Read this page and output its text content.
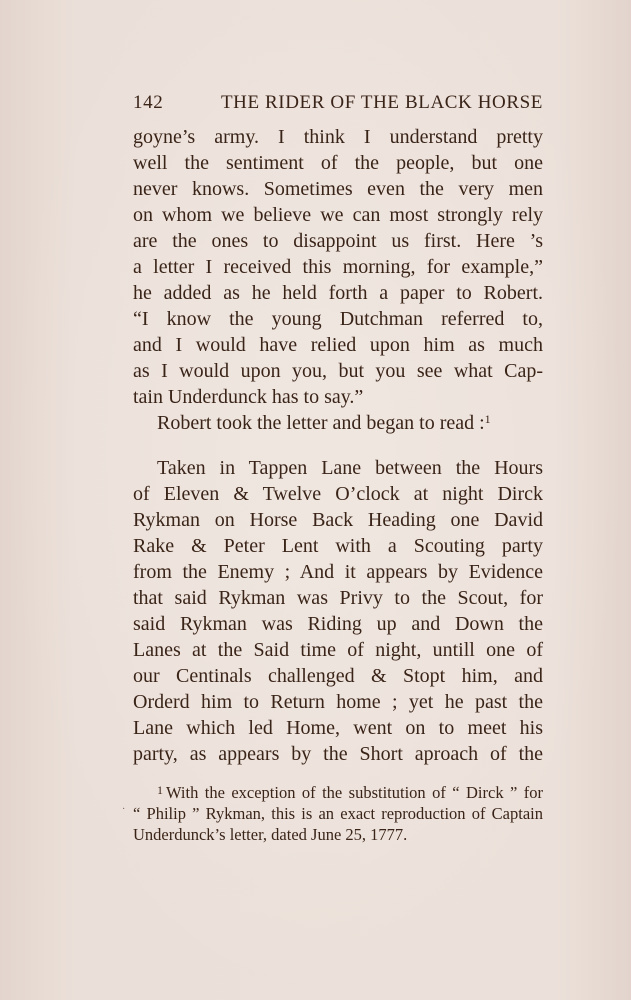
142	THE RIDER OF THE BLACK HORSE
goyne’s army. I think I understand pretty
well the sentiment of the people, but one
never knows. Sometimes even the very men
on whom we believe we can most strongly rely
are the ones to disappoint us first. Here ’s
a letter I received this morning, for example,”
he added as he held forth a paper to Robert.
“I know the young Dutchman referred to,
and I would have relied upon him as much
as I would upon you, but you see what Cap-
tain Underdunck has to say.”
Robert took the letter and began to read :$^1$
Taken in Tappen Lane between the Hours
of Eleven & Twelve O’clock at night Dirck
Rykman on Horse Back Heading one David
Rake & Peter Lent with a Scouting party
from the Enemy ; And it appears by Evidence
that said Rykman was Privy to the Scout, for
said Rykman was Riding up and Down the
Lanes at the Said time of night, untill one of
our Centinals challenged & Stopt him, and
Orderd him to Return home ; yet he past the
Lane which led Home, went on to meet his
party, as appears by the Short aproach of the
·
$^1$ With the exception of the substitution of “ Dirck ” for
“ Philip ” Rykman, this is an exact reproduction of Captain
Underdunck’s letter, dated June 25, 1777.
